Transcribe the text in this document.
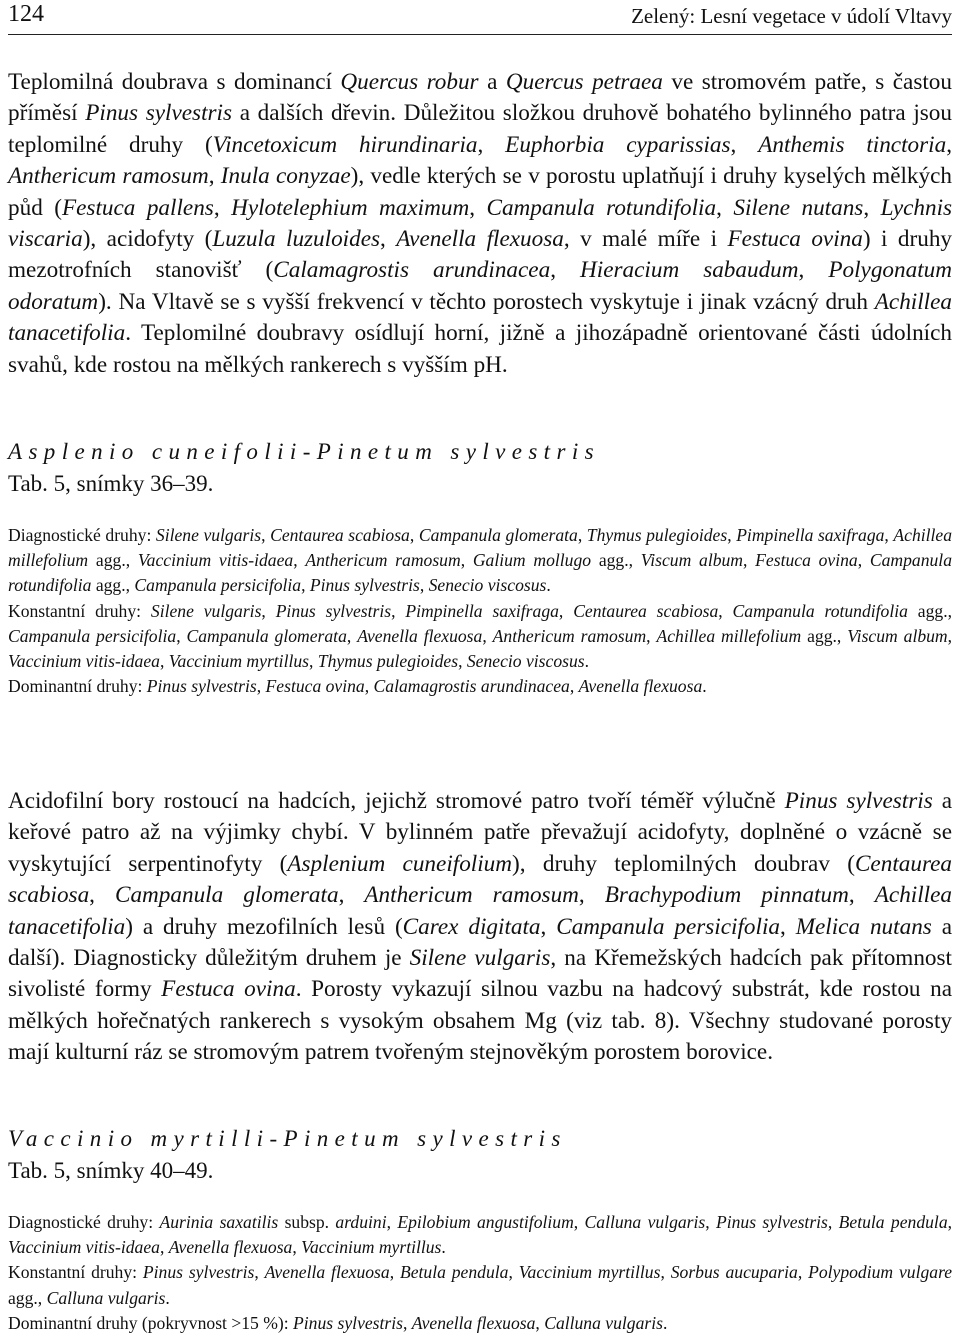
124	Zelený: Lesní vegetace v údolí Vltavy
Teplomilná doubrava s dominancí Quercus robur a Quercus petraea ve stromovém patře, s častou příměsí Pinus sylvestris a dalších dřevin. Důležitou složkou druhově bohatého bylinného patra jsou teplomilné druhy (Vincetoxicum hirundinaria, Euphorbia cyparissias, Anthemis tinctoria, Anthericum ramosum, Inula conyzae), vedle kterých se v porostu uplatňují i druhy kyselých mělkých půd (Festuca pallens, Hylotelephium maximum, Campanula rotundifolia, Silene nutans, Lychnis viscaria), acidofyty (Luzula luzuloides, Avenella flexuosa, v malé míře i Festuca ovina) i druhy mezotrofních stanovišť (Calamagrostis arundinacea, Hieracium sabaudum, Polygonatum odoratum). Na Vltavě se s vyšší frekvencí v těchto porostech vyskytuje i jinak vzácný druh Achillea tanacetifolia. Teplomilné doubravy osídlují horní, jižně a jihozápadně orientované části údolních svahů, kde rostou na mělkých rankerech s vyšším pH.
Asplenio cuneifolii-Pinetum sylvestris
Tab. 5, snímky 36–39.
Diagnostické druhy: Silene vulgaris, Centaurea scabiosa, Campanula glomerata, Thymus pulegioides, Pimpinella saxifraga, Achillea millefolium agg., Vaccinium vitis-idaea, Anthericum ramosum, Galium mollugo agg., Viscum album, Festuca ovina, Campanula rotundifolia agg., Campanula persicifolia, Pinus sylvestris, Senecio viscosus.
Konstantní druhy: Silene vulgaris, Pinus sylvestris, Pimpinella saxifraga, Centaurea scabiosa, Campanula rotundifolia agg., Campanula persicifolia, Campanula glomerata, Avenella flexuosa, Anthericum ramosum, Achillea millefolium agg., Viscum album, Vaccinium vitis-idaea, Vaccinium myrtillus, Thymus pulegioides, Senecio viscosus.
Dominantní druhy: Pinus sylvestris, Festuca ovina, Calamagrostis arundinacea, Avenella flexuosa.
Acidofilní bory rostoucí na hadcích, jejichž stromové patro tvoří téměř výlučně Pinus sylvestris a keřové patro až na výjimky chybí. V bylinném patře převažují acidofyty, doplněné o vzácně se vyskytující serpentinofyty (Asplenium cuneifolium), druhy teplomilných doubrav (Centaurea scabiosa, Campanula glomerata, Anthericum ramosum, Brachypodium pinnatum, Achillea tanacetifolia) a druhy mezofilních lesů (Carex digitata, Campanula persicifolia, Melica nutans a další). Diagnosticky důležitým druhem je Silene vulgaris, na Křemežských hadcích pak přítomnost sivolisté formy Festuca ovina. Porosty vykazují silnou vazbu na hadcový substrát, kde rostou na mělkých hořečnatých rankerech s vysokým obsahem Mg (viz tab. 8). Všechny studované porosty mají kulturní ráz se stromovým patrem tvořeným stejnověkým porostem borovice.
Vaccinio myrtilli-Pinetum sylvestris
Tab. 5, snímky 40–49.
Diagnostické druhy: Aurinia saxatilis subsp. arduini, Epilobium angustifolium, Calluna vulgaris, Pinus sylvestris, Betula pendula, Vaccinium vitis-idaea, Avenella flexuosa, Vaccinium myrtillus.
Konstantní druhy: Pinus sylvestris, Avenella flexuosa, Betula pendula, Vaccinium myrtillus, Sorbus aucuparia, Polypodium vulgare agg., Calluna vulgaris.
Dominantní druhy (pokryvnost >15 %): Pinus sylvestris, Avenella flexuosa, Calluna vulgaris.
